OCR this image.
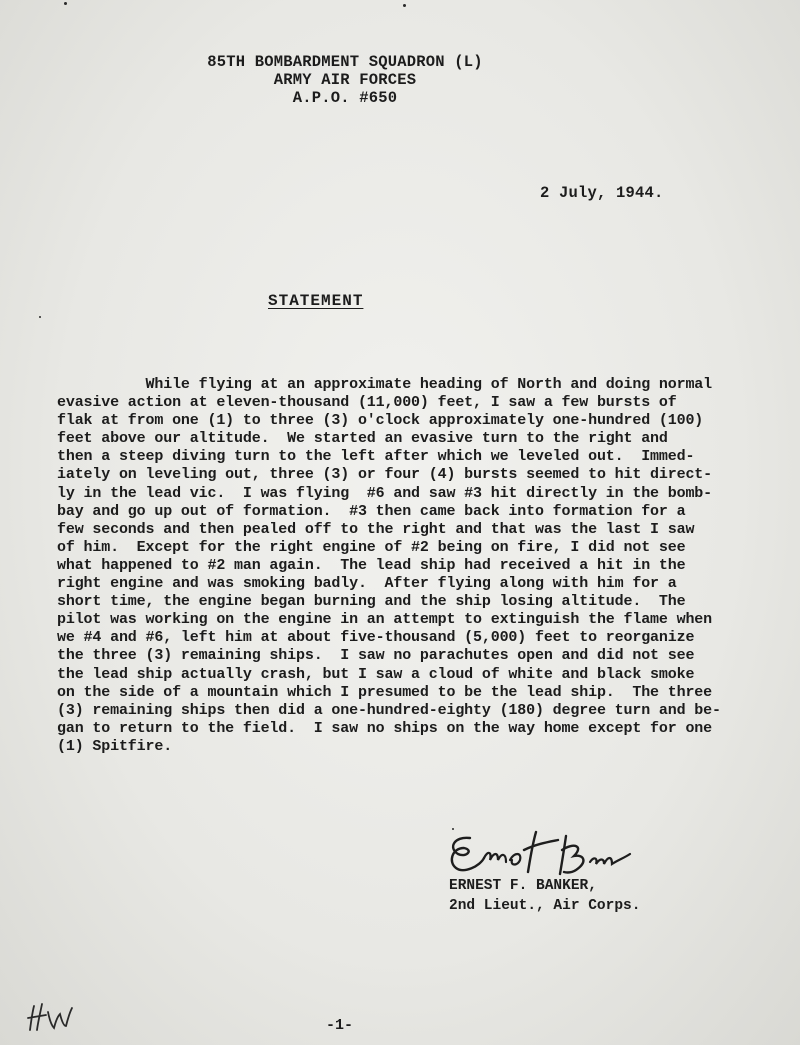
85TH BOMBARDMENT SQUADRON (L)
ARMY AIR FORCES
A.P.O. #650
2 July, 1944.
STATEMENT
While flying at an approximate heading of North and doing normal
evasive action at eleven-thousand (11,000) feet, I saw a few bursts of
flak at from one (1) to three (3) o'clock approximately one-hundred (100)
feet above our altitude.  We started an evasive turn to the right and
then a steep diving turn to the left after which we leveled out.  Immed-
iately on leveling out, three (3) or four (4) bursts seemed to hit direct-
ly in the lead vic.  I was flying  #6 and saw #3 hit directly in the bomb-
bay and go up out of formation.  #3 then came back into formation for a
few seconds and then pealed off to the right and that was the last I saw
of him.  Except for the right engine of #2 being on fire, I did not see
what happened to #2 man again.  The lead ship had received a hit in the
right engine and was smoking badly.  After flying along with him for a
short time, the engine began burning and the ship losing altitude.  The
pilot was working on the engine in an attempt to extinguish the flame when
we #4 and #6, left him at about five-thousand (5,000) feet to reorganize
the three (3) remaining ships.  I saw no parachutes open and did not see
the lead ship actually crash, but I saw a cloud of white and black smoke
on the side of a mountain which I presumed to be the lead ship.  The three
(3) remaining ships then did a one-hundred-eighty (180) degree turn and be-
gan to return to the field.  I saw no ships on the way home except for one
(1) Spitfire.
ERNEST F. BANKER,
2nd Lieut., Air Corps.
-1-
